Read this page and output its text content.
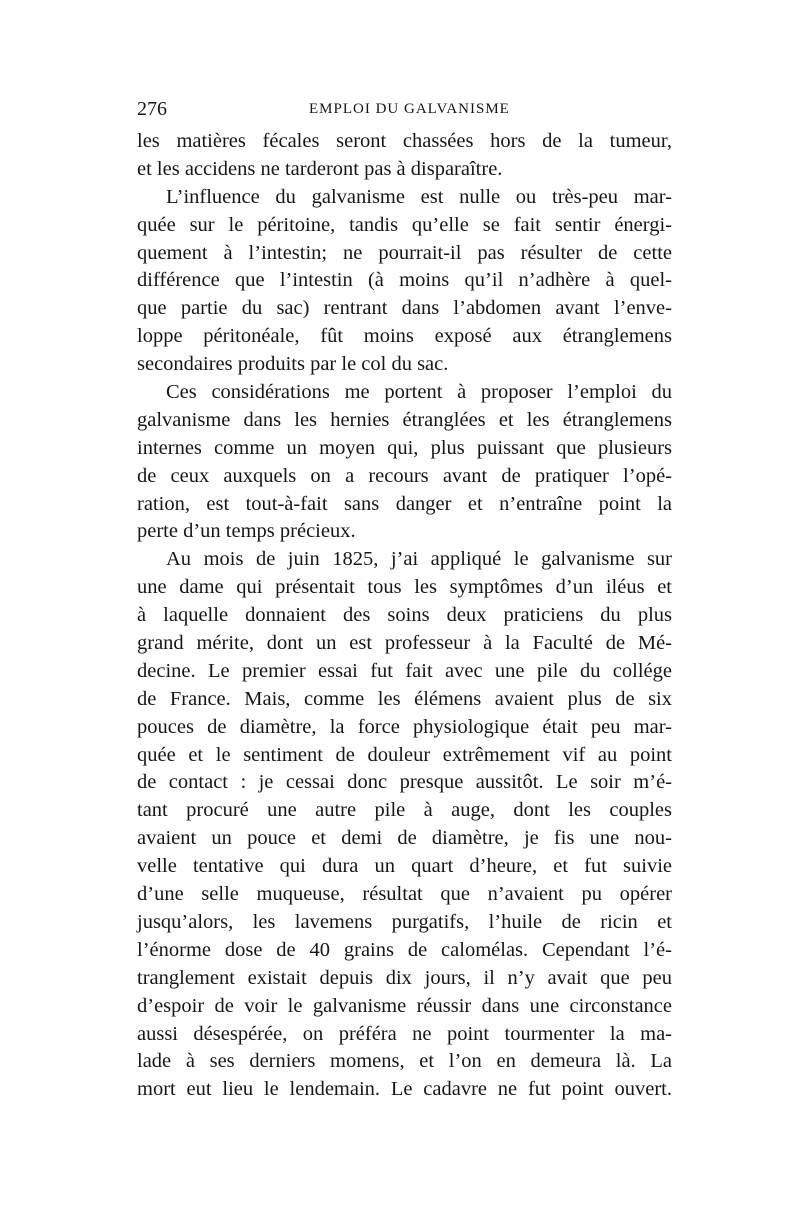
276	EMPLOI DU GALVANISME
les matières fécales seront chassées hors de la tumeur,
et les accidens ne tarderont pas à disparaître.
L’influence du galvanisme est nulle ou très-peu mar-
quée sur le péritoine, tandis qu’elle se fait sentir énergi-
quement à l’intestin; ne pourrait-il pas résulter de cette
différence que l’intestin (à moins qu’il n’adhère à quel-
que partie du sac) rentrant dans l’abdomen avant l’enve-
loppe péritonéale, fût moins exposé aux étranglemens
secondaires produits par le col du sac.
Ces considérations me portent à proposer l’emploi du
galvanisme dans les hernies étranglées et les étranglemens
internes comme un moyen qui, plus puissant que plusieurs
de ceux auxquels on a recours avant de pratiquer l’opé-
ration, est tout-à-fait sans danger et n’entraîne point la
perte d’un temps précieux.
Au mois de juin 1825, j’ai appliqué le galvanisme sur
une dame qui présentait tous les symptômes d’un iléus et
à laquelle donnaient des soins deux praticiens du plus
grand mérite, dont un est professeur à la Faculté de Mé-
decine. Le premier essai fut fait avec une pile du collége
de France. Mais, comme les élémens avaient plus de six
pouces de diamètre, la force physiologique était peu mar-
quée et le sentiment de douleur extrêmement vif au point
de contact : je cessai donc presque aussitôt. Le soir m’é-
tant procuré une autre pile à auge, dont les couples
avaient un pouce et demi de diamètre, je fis une nou-
velle tentative qui dura un quart d’heure, et fut suivie
d’une selle muqueuse, résultat que n’avaient pu opérer
jusqu’alors, les lavemens purgatifs, l’huile de ricin et
l’énorme dose de 40 grains de calomélas. Cependant l’é-
tranglement existait depuis dix jours, il n’y avait que peu
d’espoir de voir le galvanisme réussir dans une circonstance
aussi désespérée, on préféra ne point tourmenter la ma-
lade à ses derniers momens, et l’on en demeura là. La
mort eut lieu le lendemain. Le cadavre ne fut point ouvert.
